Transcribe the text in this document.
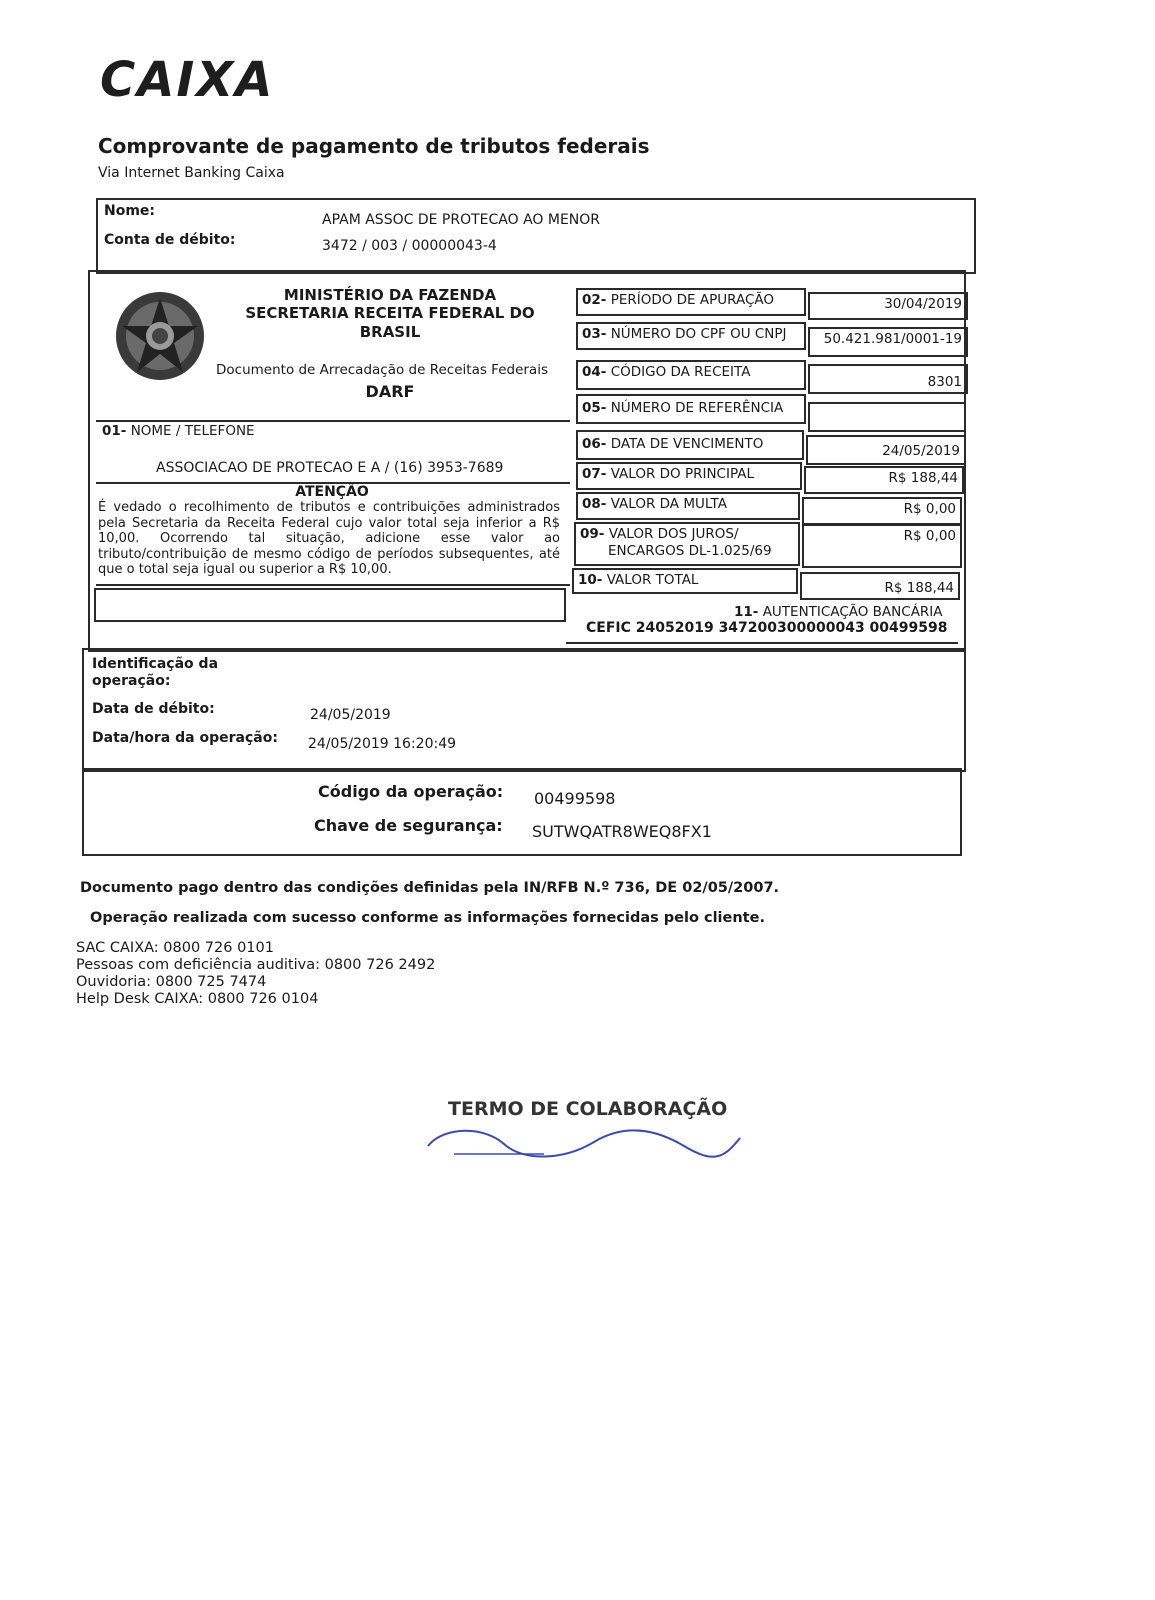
CAIXA
Comprovante de pagamento de tributos federais
Via Internet Banking Caixa
Nome:
APAM ASSOC DE PROTECAO AO MENOR
Conta de débito:	3472 / 003 / 00000043-4
MINISTÉRIO DA FAZENDA
SECRETARIA RECEITA FEDERAL DO
BRASIL
Documento de Arrecadação de Receitas Federais
DARF
01- NOME / TELEFONE
ASSOCIACAO DE PROTECAO E A / (16) 3953-7689
ATENÇÃO
É vedado o recolhimento de tributos e contribuições administrados pela Secretaria da Receita Federal cujo valor total seja inferior a R$ 10,00. Ocorrendo tal situação, adicione esse valor ao tributo/contribuição de mesmo código de períodos subsequentes, até que o total seja igual ou superior a R$ 10,00.
02- PERÍODO DE APURAÇÃO	30/04/2019
03- NÚMERO DO CPF OU CNPJ	50.421.981/0001-19
04- CÓDIGO DA RECEITA
8301
05- NÚMERO DE REFERÊNCIA
06- DATA DE VENCIMENTO	24/05/2019
07- VALOR DO PRINCIPAL	R$ 188,44
08- VALOR DA MULTA	R$ 0,00
09- VALOR DOS JUROS/
ENCARGOS DL-1.025/69
R$ 0,00
10- VALOR TOTAL	R$ 188,44
11- AUTENTICAÇÃO BANCÁRIA
CEFIC 24052019 347200300000043 00499598
Identificação da operação:
Data de débito:	24/05/2019
Data/hora da operação: 24/05/2019 16:20:49
Código da operação: 00499598
Chave de segurança: SUTWQATR8WEQ8FX1
Documento pago dentro das condições definidas pela IN/RFB N.º 736, DE 02/05/2007.
Operação realizada com sucesso conforme as informações fornecidas pelo cliente.
SAC CAIXA: 0800 726 0101
Pessoas com deficiência auditiva: 0800 726 2492
Ouvidoria: 0800 725 7474
Help Desk CAIXA: 0800 726 0104
TERMO DE COLABORAÇÃO
